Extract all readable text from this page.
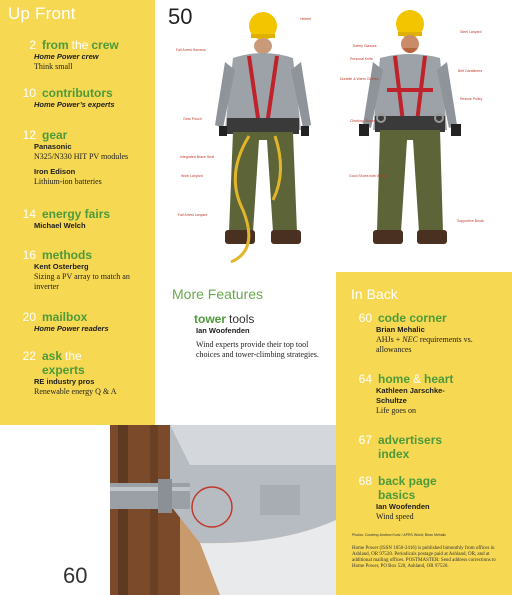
Up Front
2 from the crew
Home Power crew
Think small
10 contributors
Home Power’s experts
12 gear
Panasonic
N325/N330 HIT PV modules
Iron Edison
Lithium-ion batteries
14 energy fairs
Michael Welch
16 methods
Kent Osterberg
Sizing a PV array to match an inverter
20 mailbox
Home Power readers
22 ask the
experts
RE industry pros
Renewable energy Q & A
50	Helmet
Fall Arrest Harness
Gear Pouch
Integrated Brace Seat
Work Lanyard
Fall Arrest Lanyard
Steel Lanyard
Safety Glasses
Personal Knife
Durable & Warm Clothes
Climbing Gloves
Good Shoes with Vibram
Belt Carabiners
Rescue Pulley
Supportive Boots
More Features
50 tower tools
Ian Woofenden
Wind experts provide their top tool choices and tower-climbing strategies.
In Back
60 code corner
Brian Mehalic
AHJs + NEC requirements vs. allowances
64 home & heart
Kathleen Jarschke-Schultze
Life goes on
67 advertisers
index
68 back page
basics
Ian Woofenden
Wind speed
Photos: Courtesy Andrew Kurtz / APRS World; Brian Mehalic
Home Power (ISSN 1050-2416) is published bimonthly from offices in Ashland, OR 97520. Periodicals postage paid at Ashland, OR, and at additional mailing offices. POSTMASTER: Send address corrections to Home Power, PO Box 520, Ashland, OR 97520.
60
